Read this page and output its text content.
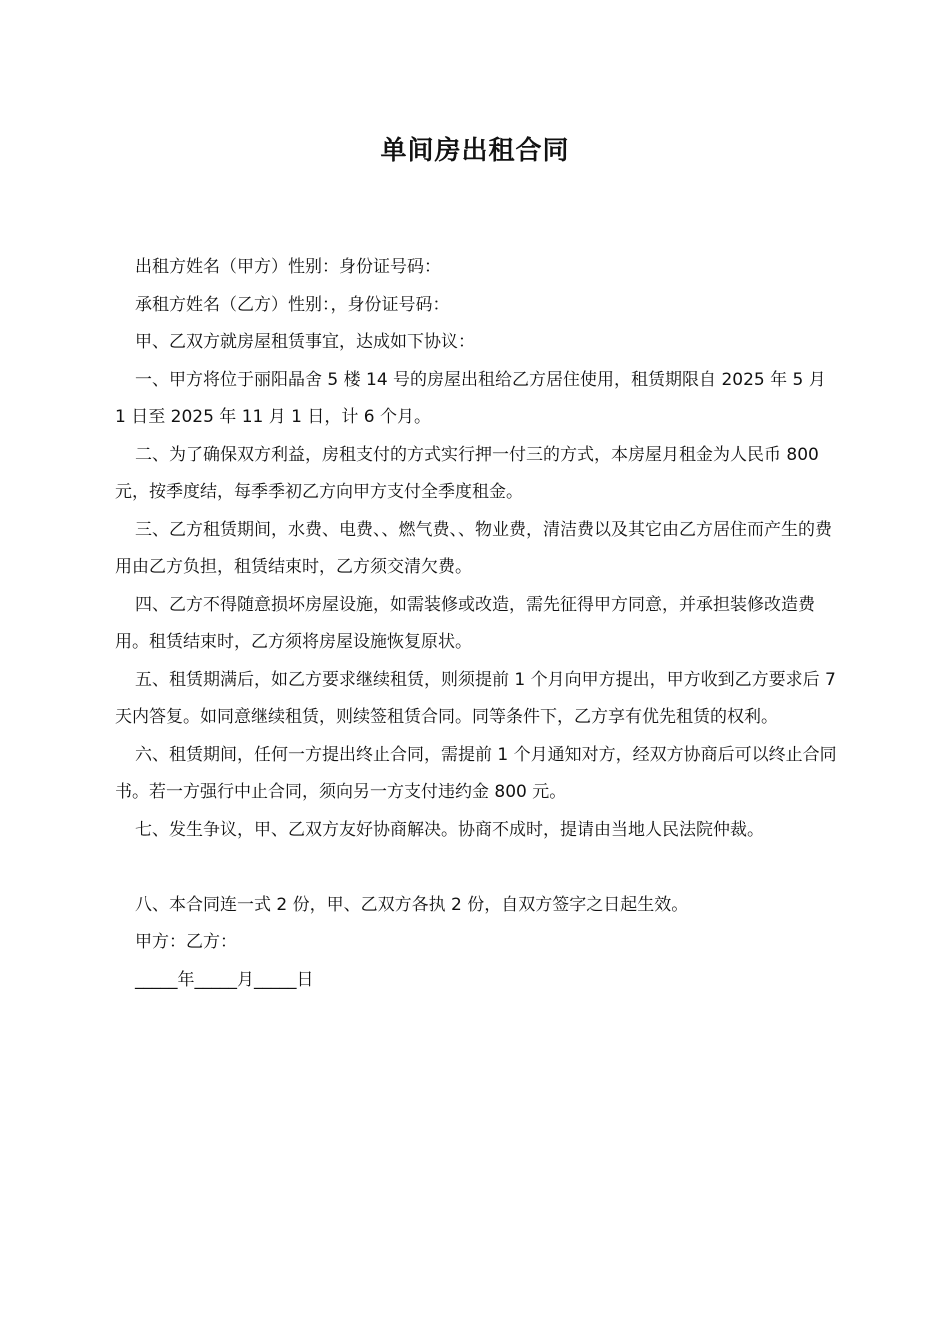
单间房出租合同

出租方姓名（甲方）性别：身份证号码：

承租方姓名（乙方）性别：，身份证号码：

甲、乙双方就房屋租赁事宜，达成如下协议：

一、甲方将位于丽阳晶舍 5 楼 14 号的房屋出租给乙方居住使用，租赁期限自 2025 年 5 月 1 日至 2025 年 11 月 1 日，计 6 个月。

二、为了确保双方利益，房租支付的方式实行押一付三的方式，本房屋月租金为人民币 800 元，按季度结，每季季初乙方向甲方支付全季度租金。

三、乙方租赁期间，水费、电费、、燃气费、、物业费，清洁费以及其它由乙方居住而产生的费用由乙方负担，租赁结束时，乙方须交清欠费。

四、乙方不得随意损坏房屋设施，如需装修或改造，需先征得甲方同意，并承担装修改造费用。租赁结束时，乙方须将房屋设施恢复原状。

五、租赁期满后，如乙方要求继续租赁，则须提前 1 个月向甲方提出，甲方收到乙方要求后 7 天内答复。如同意继续租赁，则续签租赁合同。同等条件下，乙方享有优先租赁的权利。

六、租赁期间，任何一方提出终止合同，需提前 1 个月通知对方，经双方协商后可以终止合同书。若一方强行中止合同，须向另一方支付违约金 800 元。

七、发生争议，甲、乙双方友好协商解决。协商不成时，提请由当地人民法院仲裁。

八、本合同连一式 2 份，甲、乙双方各执 2 份，自双方签字之日起生效。

甲方：乙方：

_____年_____月_____日
